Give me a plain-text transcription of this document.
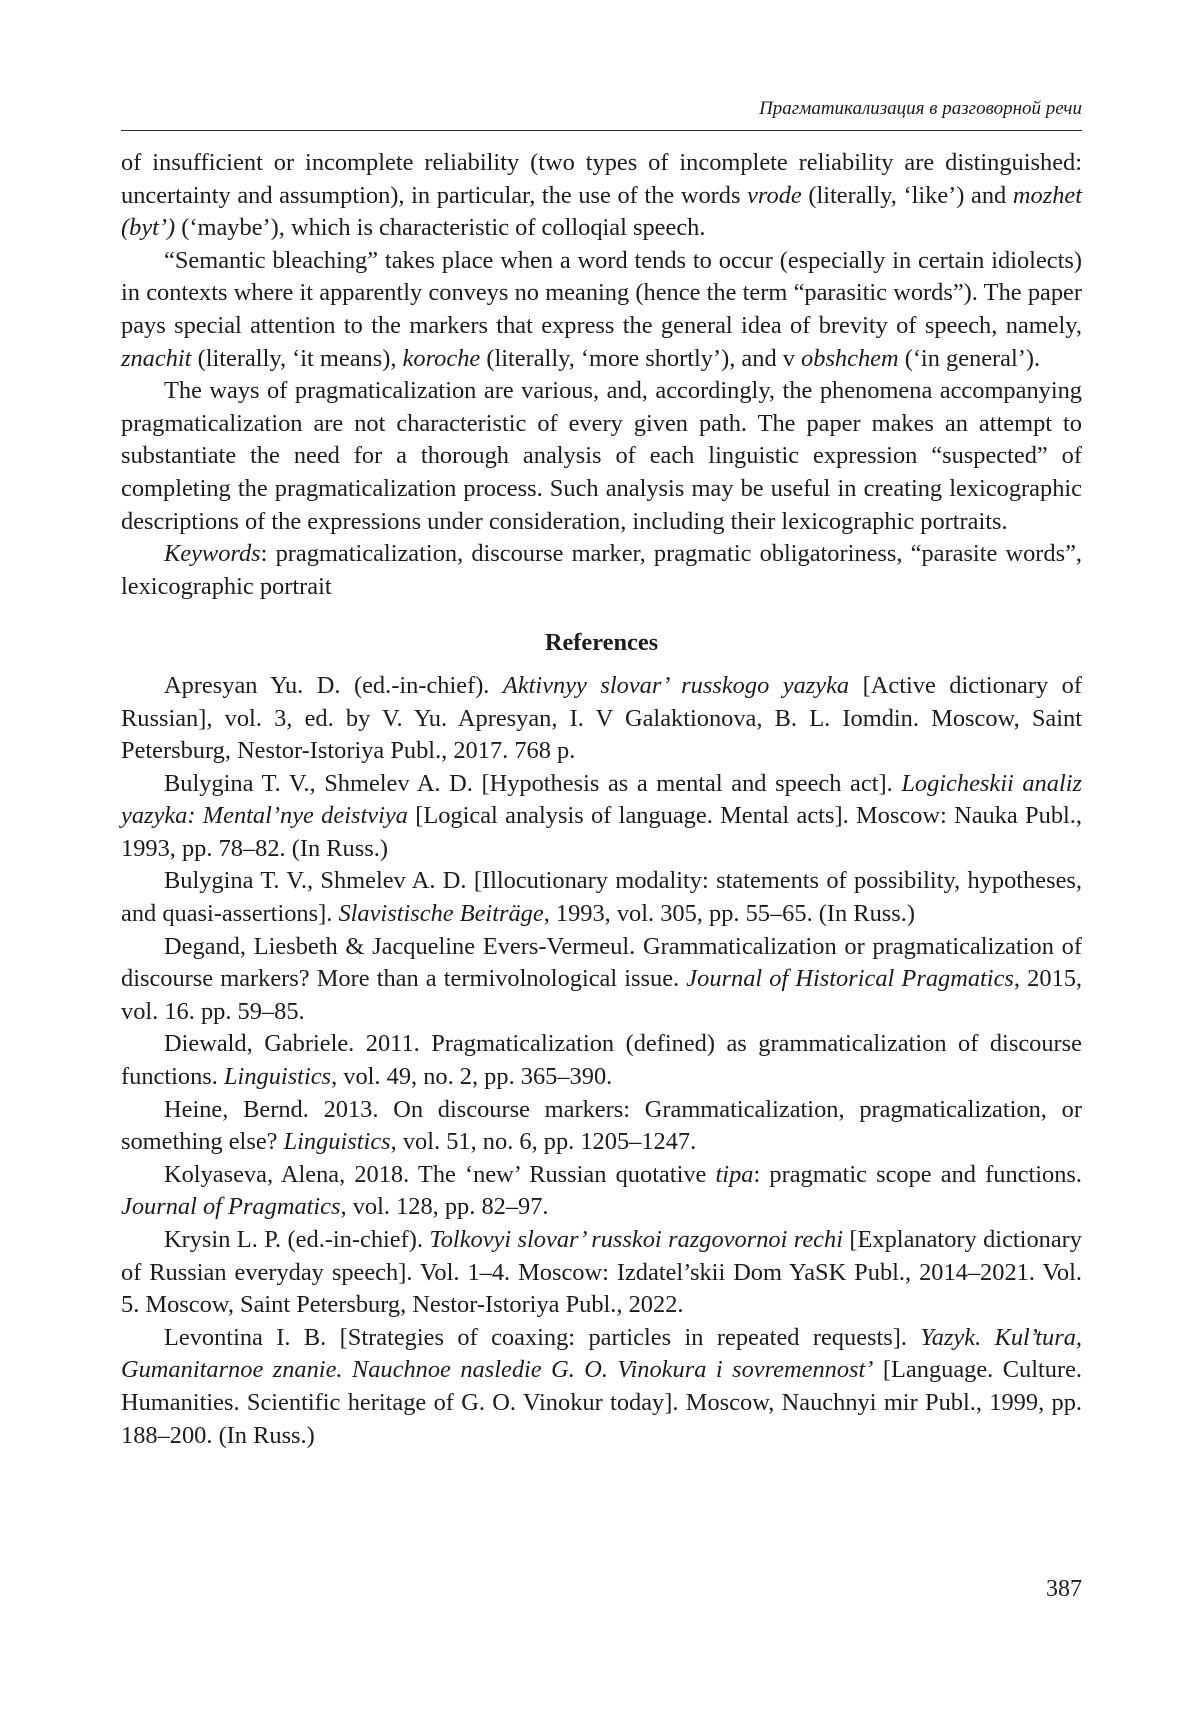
Прагматикализация в разговорной речи

of insufficient or incomplete reliability (two types of incomplete reliability are distinguished: uncertainty and assumption), in particular, the use of the words vrode (literally, ‘like’) and mozhet (byt’) (‘maybe’), which is characteristic of colloqial speech.

“Semantic bleaching” takes place when a word tends to occur (especially in certain idiolects) in contexts where it apparently conveys no meaning (hence the term “parasitic words”). The paper pays special attention to the markers that express the general idea of brevity of speech, namely, znachit (literally, ‘it means), koroche (literally, ‘more shortly’), and v obshchem (‘in general’).

The ways of pragmaticalization are various, and, accordingly, the phenomena accompanying pragmaticalization are not characteristic of every given path. The paper makes an attempt to substantiate the need for a thorough analysis of each linguistic expression “suspected” of completing the pragmaticalization process. Such analysis may be useful in creating lexicographic descriptions of the expressions under consideration, including their lexicographic portraits.

Keywords: pragmaticalization, discourse marker, pragmatic obligatoriness, “parasite words”, lexicographic portrait

References

Apresyan Yu. D. (ed.-in-chief). Aktivnyy slovar’ russkogo yazyka [Active dictionary of Russian], vol. 3, ed. by V. Yu. Apresyan, I. V Galaktionova, B. L. Iomdin. Moscow, Saint Petersburg, Nestor-Istoriya Publ., 2017. 768 p.

Bulygina T. V., Shmelev A. D. [Hypothesis as a mental and speech act]. Logicheskii analiz yazyka: Mental’nye deistviya [Logical analysis of language. Mental acts]. Moscow: Nauka Publ., 1993, pp. 78–82. (In Russ.)

Bulygina T. V., Shmelev A. D. [Illocutionary modality: statements of possibility, hypotheses, and quasi-assertions]. Slavistische Beiträge, 1993, vol. 305, pp. 55–65. (In Russ.)

Degand, Liesbeth & Jacqueline Evers-Vermeul. Grammaticalization or pragmaticalization of discourse markers? More than a termivolnological issue. Journal of Historical Pragmatics, 2015, vol. 16. pp. 59–85.

Diewald, Gabriele. 2011. Pragmaticalization (defined) as grammaticalization of discourse functions. Linguistics, vol. 49, no. 2, pp. 365–390.

Heine, Bernd. 2013. On discourse markers: Grammaticalization, pragmaticalization, or something else? Linguistics, vol. 51, no. 6, pp. 1205–1247.

Kolyaseva, Alena, 2018. The ‘new’ Russian quotative tipa: pragmatic scope and functions. Journal of Pragmatics, vol. 128, pp. 82–97.

Krysin L. P. (ed.-in-chief). Tolkovyi slovar’ russkoi razgovornoi rechi [Explanatory dictionary of Russian everyday speech]. Vol. 1–4. Moscow: Izdatel’skii Dom YaSK Publ., 2014–2021. Vol. 5. Moscow, Saint Petersburg, Nestor-Istoriya Publ., 2022.

Levontina I. B. [Strategies of coaxing: particles in repeated requests]. Yazyk. Kul’tura, Gumanitarnoe znanie. Nauchnoe nasledie G. O. Vinokura i sovremennost’ [Language. Culture. Humanities. Scientific heritage of G. O. Vinokur today]. Moscow, Nauchnyi mir Publ., 1999, pp. 188–200. (In Russ.)

387
